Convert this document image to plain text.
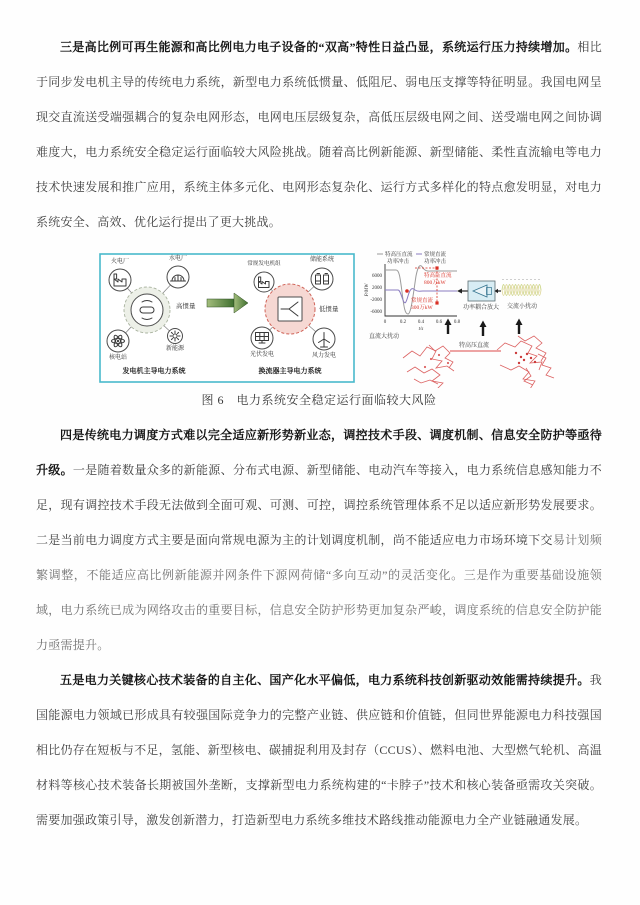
三是高比例可再生能源和高比例电力电子设备的“双高”特性日益凸显，系统运行压力持续增加。相比于同步发电机主导的传统电力系统，新型电力系统低惯量、低阻尼、弱电压支撑等特征明显。我国电网呈现交直流送受端强耦合的复杂电网形态，电网电压层级复杂，高低压层级电网之间、送受端电网之间协调难度大，电力系统安全稳定运行面临较大风险挑战。随着高比例新能源、新型储能、柔性直流输电等电力技术快速发展和推广应用，系统主体多元化、电网形态复杂化、运行方式多样化的特点愈发明显，对电力系统安全、高效、优化运行提出了更大挑战。

火电厂	水电厂
核电站
新能源
高惯量
发电机主导电力系统
常规发电机组
储能系统
光伏发电	风力发电
低惯量
换流器主导电力系统
特高压直流 常规直流
功率冲击	功率冲击
6000
2000
-2000
-6000
0	0.2 0.4 0.6 0.8
t/s
P/MW
特高压直流
800万kW
常规直流
300万kW	功率耦合放大 交流小扰动
直流大扰动
特高压直流
图 6　电力系统安全稳定运行面临较大风险

四是传统电力调度方式难以完全适应新形势新业态，调控技术手段、调度机制、信息安全防护等亟待升级。一是随着数量众多的新能源、分布式电源、新型储能、电动汽车等接入，电力系统信息感知能力不足，现有调控技术手段无法做到全面可观、可测、可控，调控系统管理体系不足以适应新形势发展要求。二是当前电力调度方式主要是面向常规电源为主的计划调度机制，尚不能适应电力市场环境下交易计划频繁调整，不能适应高比例新能源并网条件下源网荷储“多向互动”的灵活变化。三是作为重要基础设施领域，电力系统已成为网络攻击的重要目标，信息安全防护形势更加复杂严峻，调度系统的信息安全防护能力亟需提升。

五是电力关键核心技术装备的自主化、国产化水平偏低，电力系统科技创新驱动效能需持续提升。我国能源电力领域已形成具有较强国际竞争力的完整产业链、供应链和价值链，但同世界能源电力科技强国相比仍存在短板与不足，氢能、新型核电、碳捕捉利用及封存（CCUS）、燃料电池、大型燃气轮机、高温材料等核心技术装备长期被国外垄断，支撑新型电力系统构建的“卡脖子”技术和核心装备亟需攻关突破。需要加强政策引导，激发创新潜力，打造新型电力系统多维技术路线推动能源电力全产业链融通发展。
